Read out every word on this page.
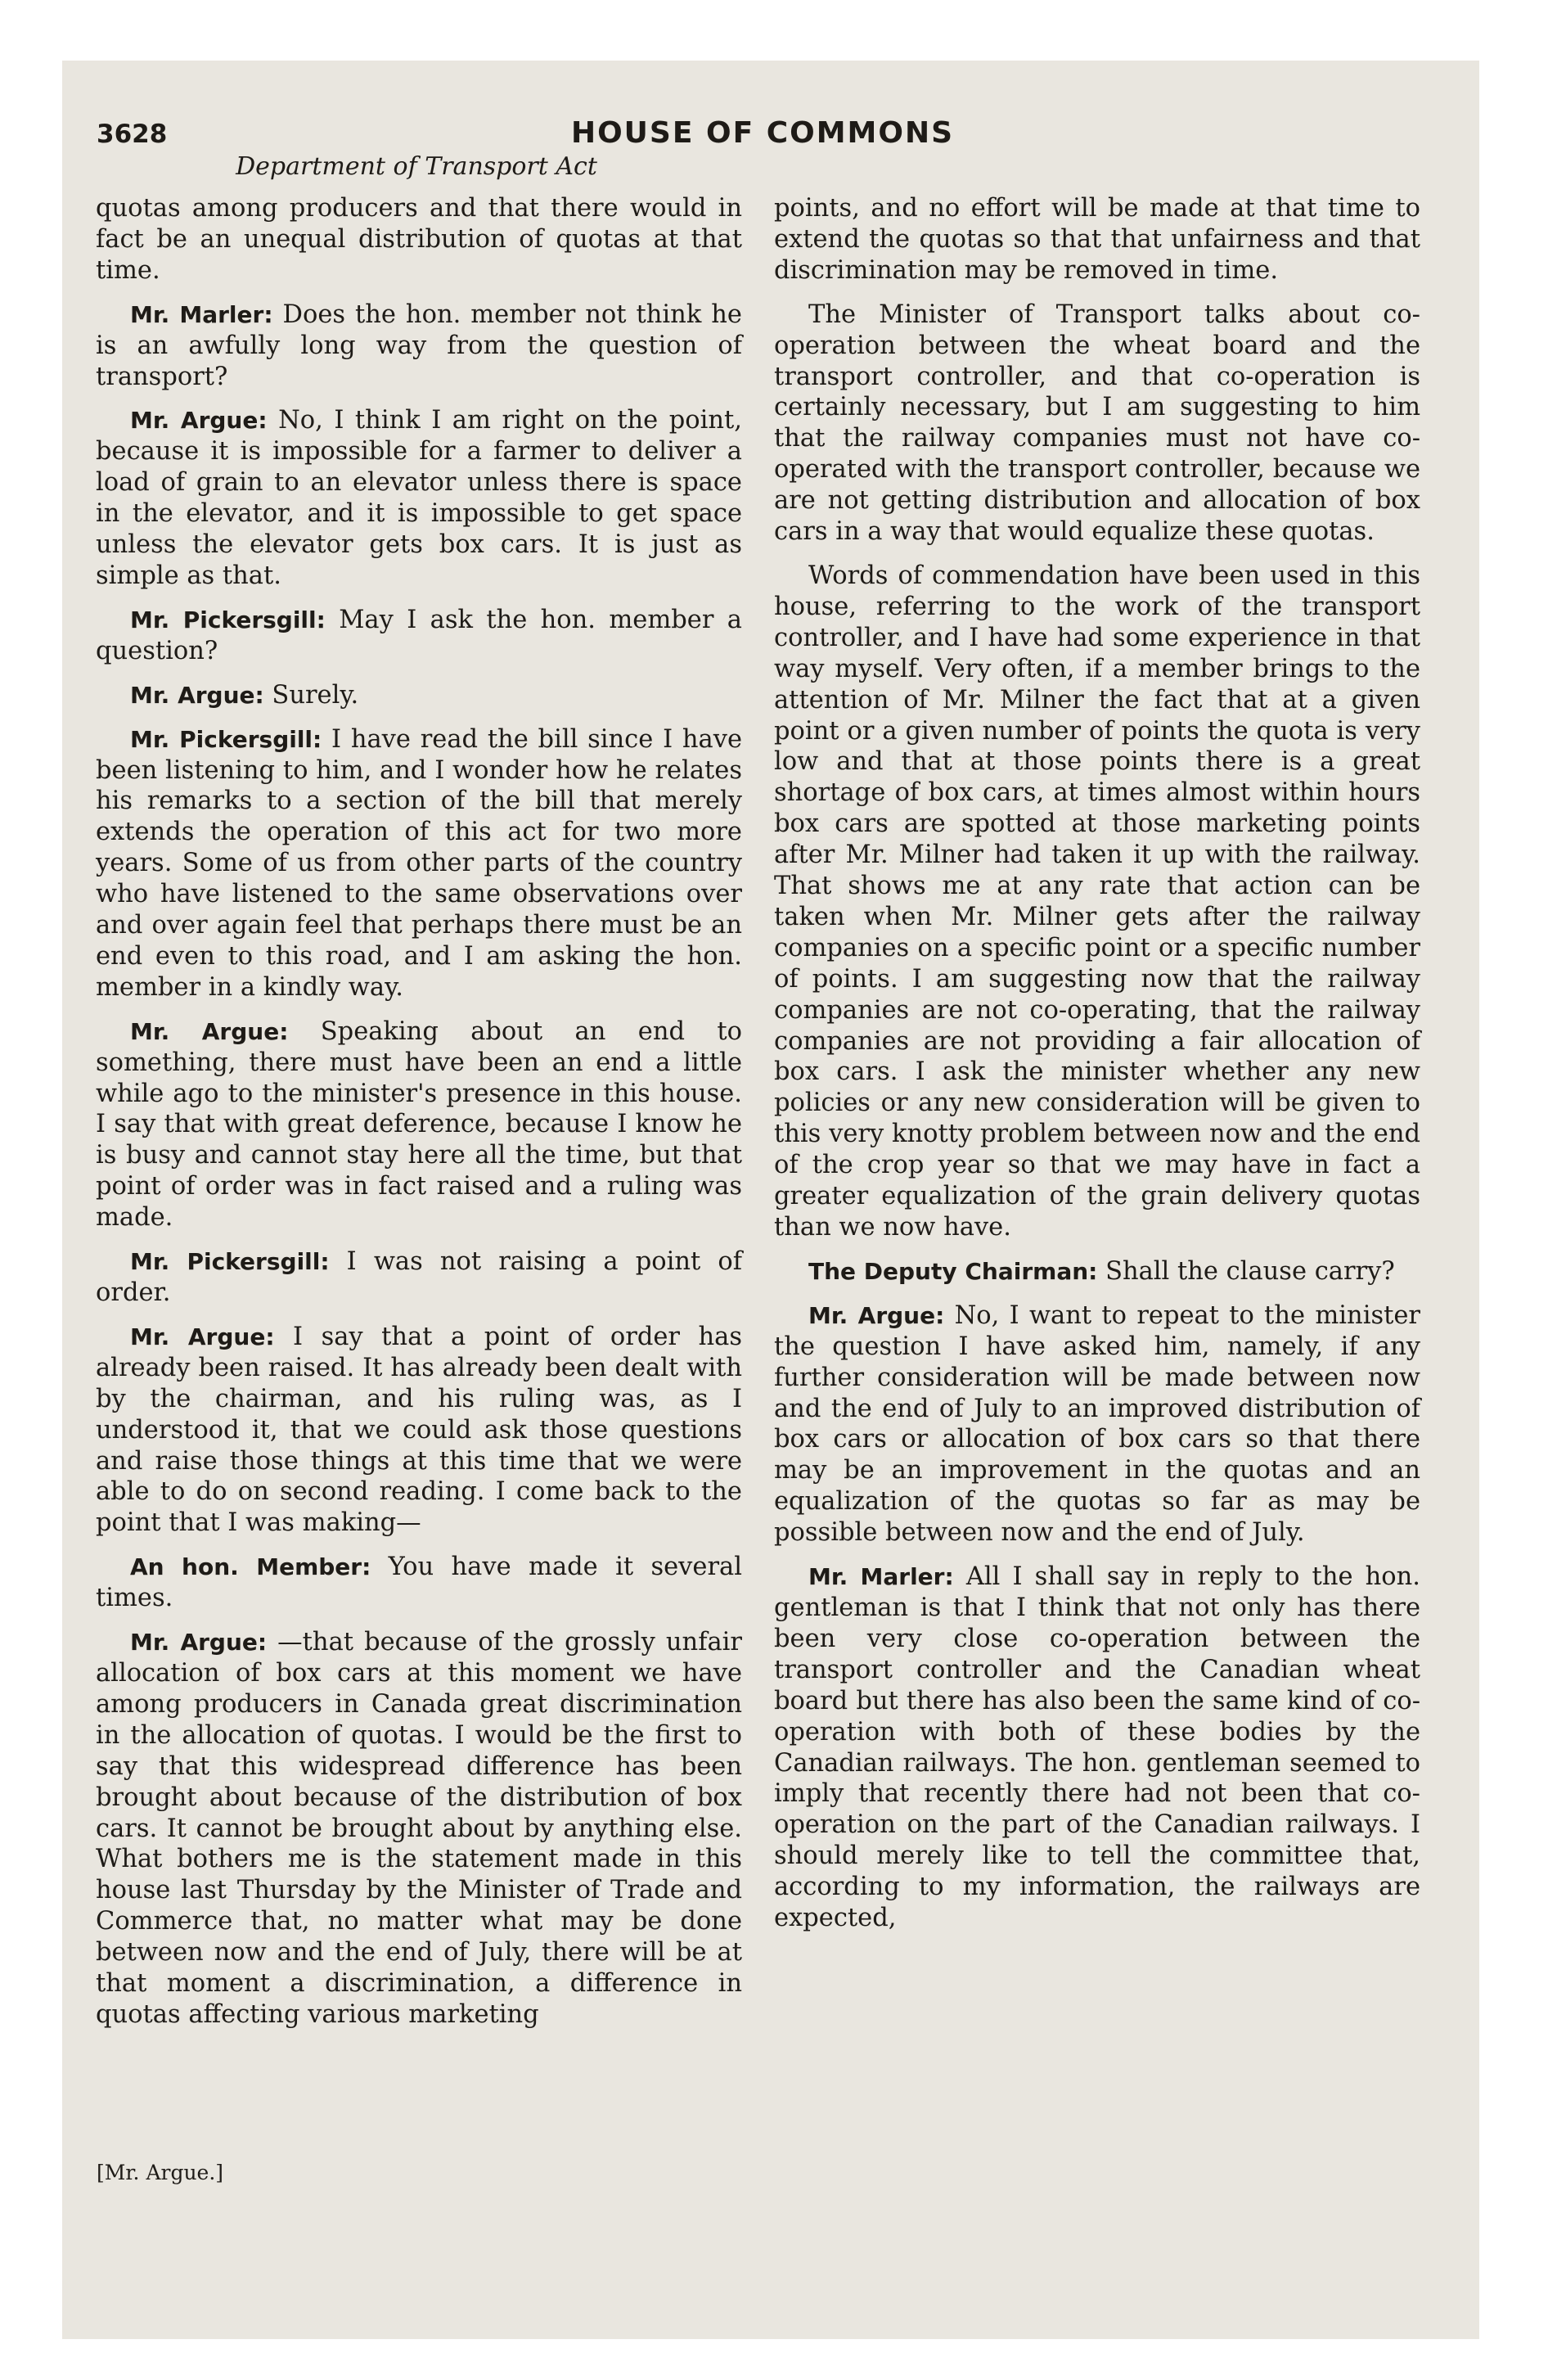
3628	HOUSE OF COMMONS
Department of Transport Act

quotas among producers and that there would in fact be an unequal distribution of quotas at that time.

Mr. Marler: Does the hon. member not think he is an awfully long way from the question of transport?

Mr. Argue: No, I think I am right on the point, because it is impossible for a farmer to deliver a load of grain to an elevator unless there is space in the elevator, and it is impossible to get space unless the elevator gets box cars. It is just as simple as that.

Mr. Pickersgill: May I ask the hon. member a question?

Mr. Argue: Surely.

Mr. Pickersgill: I have read the bill since I have been listening to him, and I wonder how he relates his remarks to a section of the bill that merely extends the operation of this act for two more years. Some of us from other parts of the country who have listened to the same observations over and over again feel that perhaps there must be an end even to this road, and I am asking the hon. member in a kindly way.

Mr. Argue: Speaking about an end to something, there must have been an end a little while ago to the minister's presence in this house. I say that with great deference, because I know he is busy and cannot stay here all the time, but that point of order was in fact raised and a ruling was made.

Mr. Pickersgill: I was not raising a point of order.

Mr. Argue: I say that a point of order has already been raised. It has already been dealt with by the chairman, and his ruling was, as I understood it, that we could ask those questions and raise those things at this time that we were able to do on second reading. I come back to the point that I was making—

An hon. Member: You have made it several times.

Mr. Argue: —that because of the grossly unfair allocation of box cars at this moment we have among producers in Canada great discrimination in the allocation of quotas. I would be the first to say that this widespread difference has been brought about because of the distribution of box cars. It cannot be brought about by anything else. What bothers me is the statement made in this house last Thursday by the Minister of Trade and Commerce that, no matter what may be done between now and the end of July, there will be at that moment a discrimination, a difference in quotas affecting various marketing

points, and no effort will be made at that time to extend the quotas so that that unfairness and that discrimination may be removed in time.

The Minister of Transport talks about co-operation between the wheat board and the transport controller, and that co-operation is certainly necessary, but I am suggesting to him that the railway companies must not have co-operated with the transport controller, because we are not getting distribution and allocation of box cars in a way that would equalize these quotas.

Words of commendation have been used in this house, referring to the work of the transport controller, and I have had some experience in that way myself. Very often, if a member brings to the attention of Mr. Milner the fact that at a given point or a given number of points the quota is very low and that at those points there is a great shortage of box cars, at times almost within hours box cars are spotted at those marketing points after Mr. Milner had taken it up with the railway. That shows me at any rate that action can be taken when Mr. Milner gets after the railway companies on a specific point or a specific number of points. I am suggesting now that the railway companies are not co-operating, that the railway companies are not providing a fair allocation of box cars. I ask the minister whether any new policies or any new consideration will be given to this very knotty problem between now and the end of the crop year so that we may have in fact a greater equalization of the grain delivery quotas than we now have.

The Deputy Chairman: Shall the clause carry?

Mr. Argue: No, I want to repeat to the minister the question I have asked him, namely, if any further consideration will be made between now and the end of July to an improved distribution of box cars or allocation of box cars so that there may be an improvement in the quotas and an equalization of the quotas so far as may be possible between now and the end of July.

Mr. Marler: All I shall say in reply to the hon. gentleman is that I think that not only has there been very close co-operation between the transport controller and the Canadian wheat board but there has also been the same kind of co-operation with both of these bodies by the Canadian railways. The hon. gentleman seemed to imply that recently there had not been that co-operation on the part of the Canadian railways. I should merely like to tell the committee that, according to my information, the railways are expected,

[Mr. Argue.]
